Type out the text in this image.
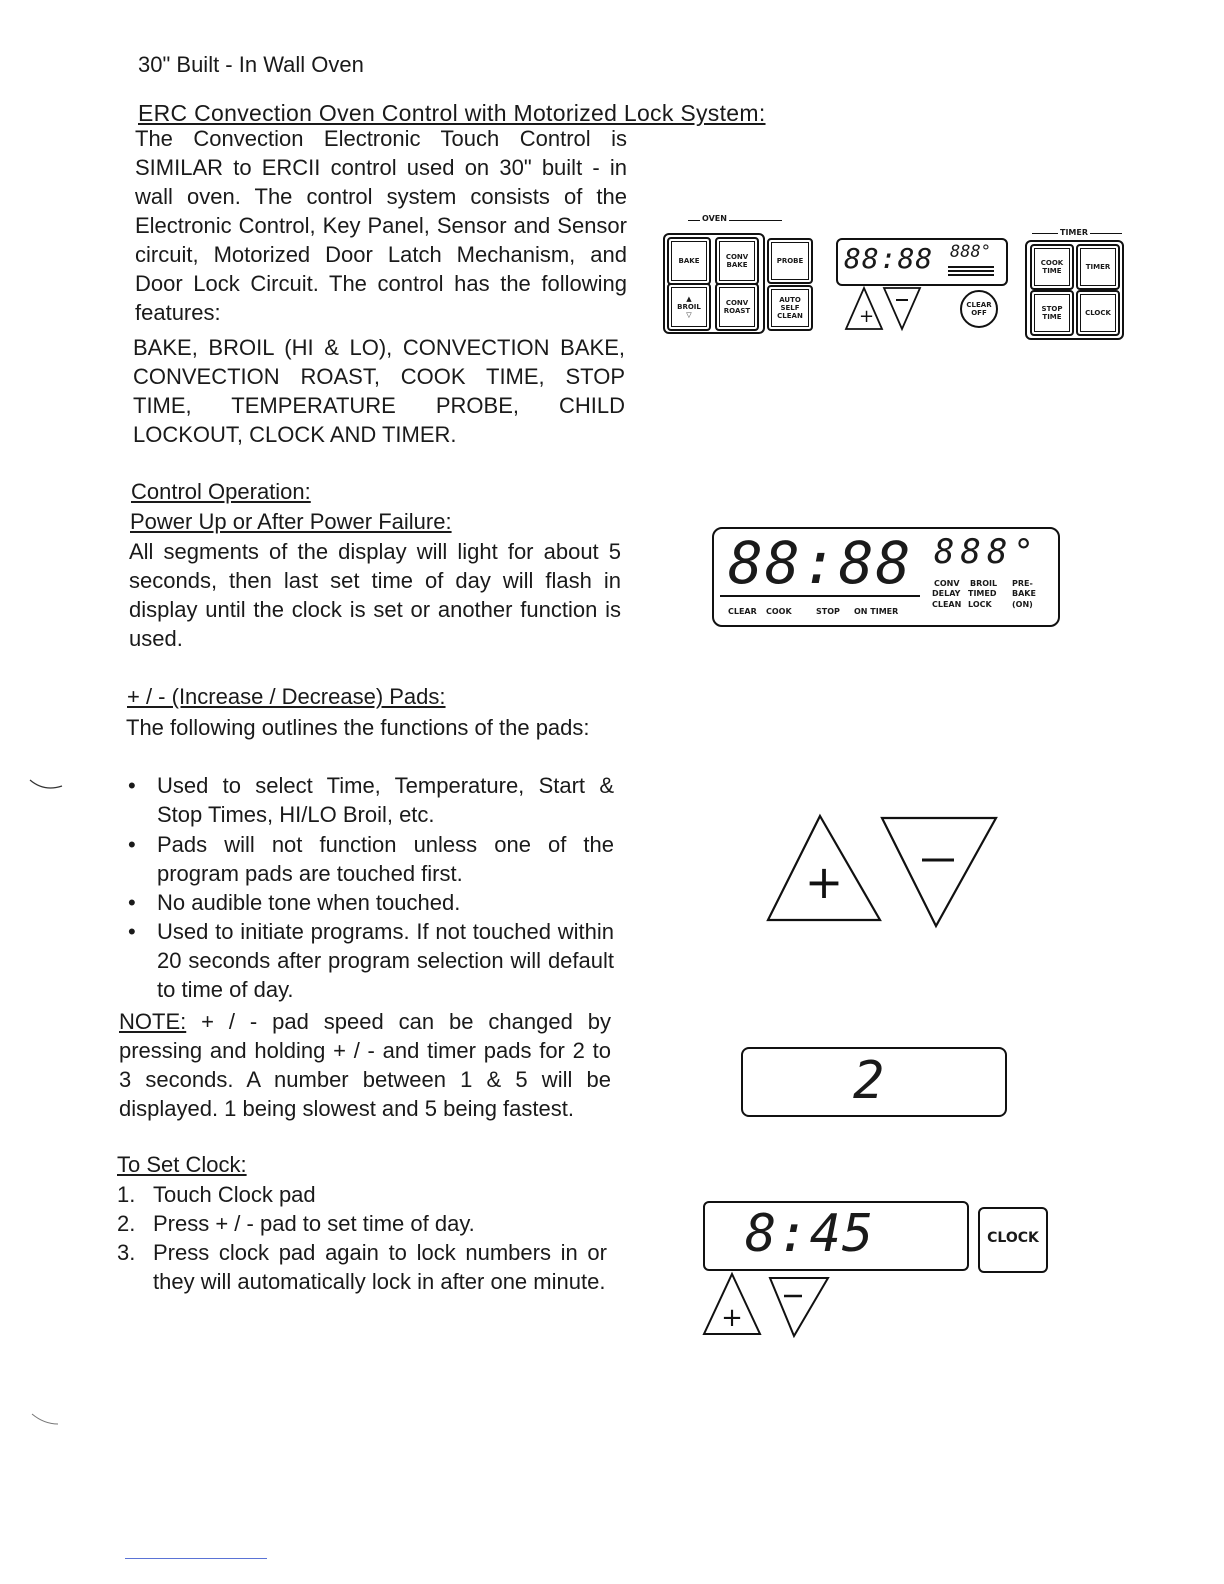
30" Built - In Wall Oven
ERC Convection Oven Control with Motorized Lock System:
The Convection Electronic Touch Control is SIMILAR to ERCII control used on 30" built - in wall oven. The control system consists of the Electronic Control, Key Panel, Sensor and Sensor circuit, Motorized Door Latch Mechanism, and Door Lock Circuit. The control has the following features:
BAKE, BROIL (HI & LO), CONVECTION BAKE, CONVECTION ROAST, COOK TIME, STOP TIME, TEMPERATURE PROBE, CHILD LOCKOUT, CLOCK AND TIMER.
OVEN
BAKE	CONV BAKE
▲
BROIL
▽
CONV ROAST
PROBE
AUTO SELF CLEAN
88:88 888°
+
CLEAR OFF
TIMER
COOK TIME	TIMER
STOP TIME	CLOCK
Control Operation:
Power Up or After Power Failure:
All segments of the display will light for about 5 seconds, then last set time of day will flash in display until the clock is set or another function is used.
88:88 888°
CLEAR COOK	STOP ON TIMER
CONV BROIL PRE-
DELAY TIMED BAKE
CLEAN LOCK	(ON)
+ / - (Increase / Decrease) Pads:
The following outlines the functions of the pads:
• Used to select Time, Temperature, Start & Stop Times, HI/LO Broil, etc.
• Pads will not function unless one of the program pads are touched first.
• No audible tone when touched.
• Used to initiate programs. If not touched within 20 seconds after program selection will default to time of day.
NOTE: + / - pad speed can be changed by pressing and holding + / - and timer pads for 2 to 3 seconds. A number between 1 & 5 will be displayed. 1 being slowest and 5 being fastest.
+
2
To Set Clock:
1. Touch Clock pad
2. Press + / - pad to set time of day.
3. Press clock pad again to lock numbers in or they will automatically lock in after one minute.
8:45	CLOCK
+
